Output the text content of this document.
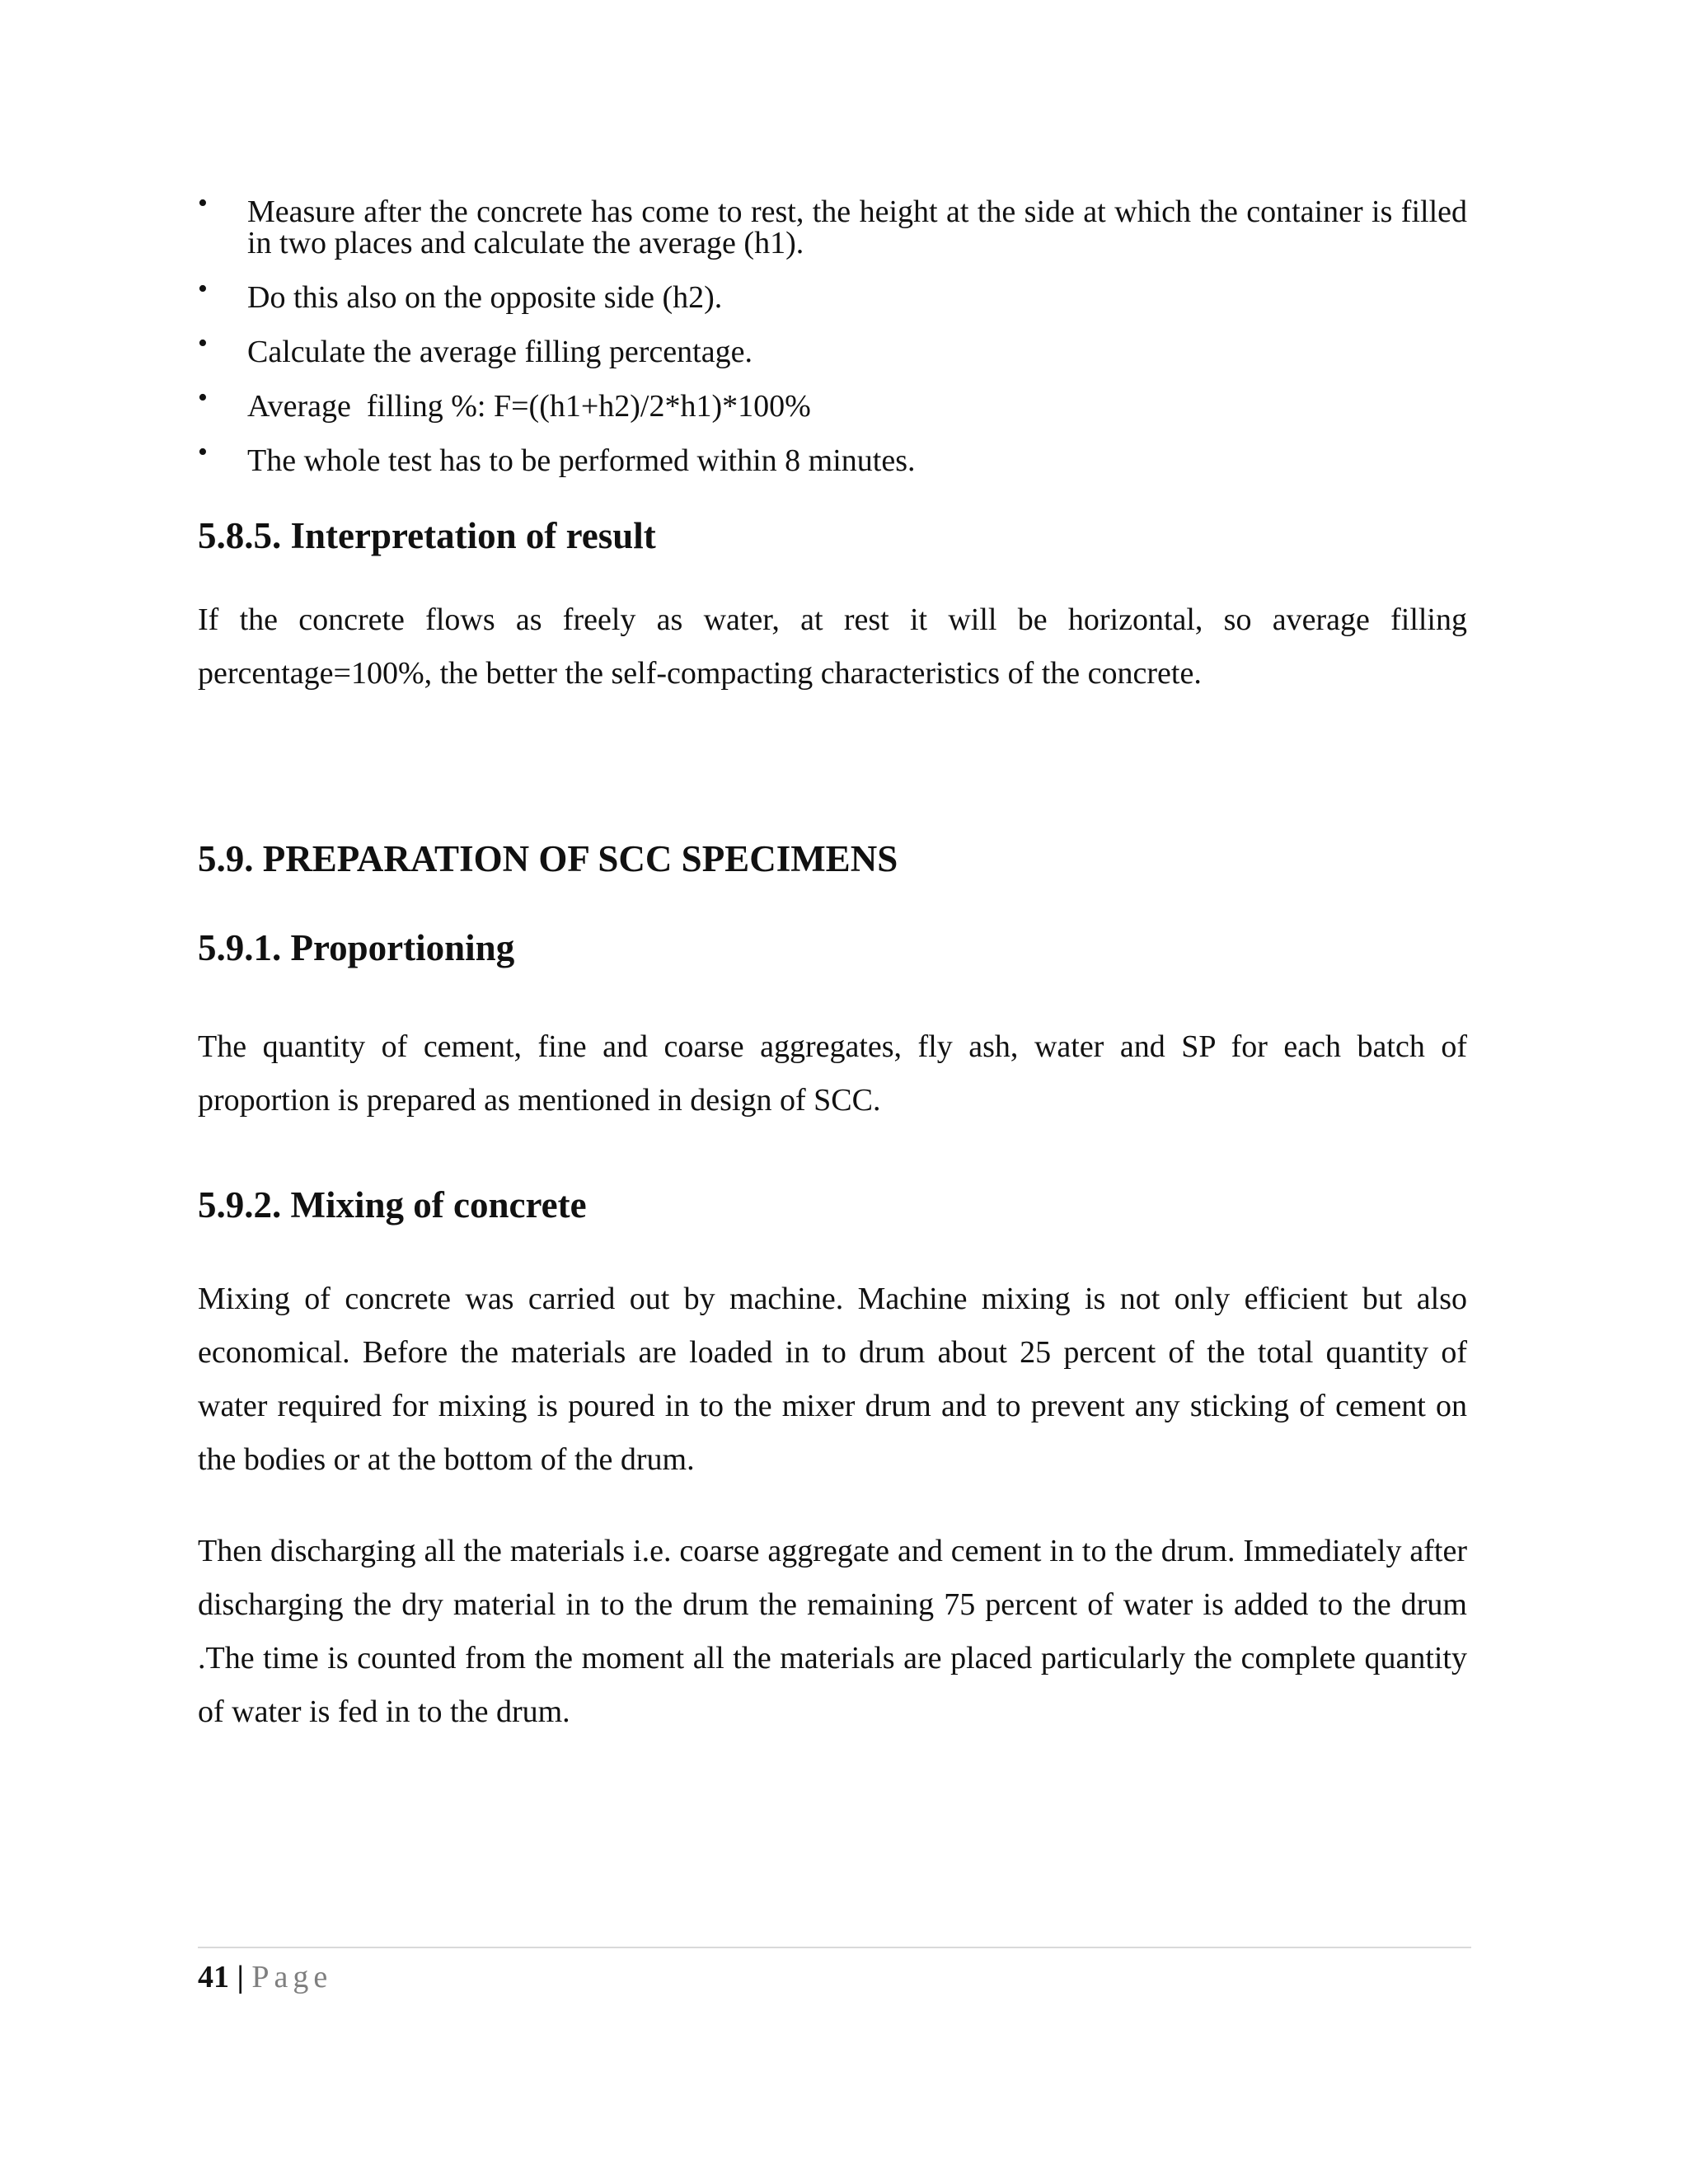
• Measure after the concrete has come to rest, the height at the side at which the container is filled in two places and calculate the average (h1).
• Do this also on the opposite side (h2).
• Calculate the average filling percentage.
• Average  filling %: F=((h1+h2)/2*h1)*100%
• The whole test has to be performed within 8 minutes.
5.8.5. Interpretation of result

If the concrete flows as freely as water, at rest it will be horizontal, so average filling percentage=100%, the better the self-compacting characteristics of the concrete.

5.9. PREPARATION OF SCC SPECIMENS
5.9.1. Proportioning

The quantity of cement, fine and coarse aggregates, fly ash, water and SP for each batch of proportion is prepared as mentioned in design of SCC.

5.9.2. Mixing of concrete

Mixing of concrete was carried out by machine. Machine mixing is not only efficient but also economical. Before the materials are loaded in to drum about 25 percent of the total quantity of water required for mixing is poured in to the mixer drum and to prevent any sticking of cement on the bodies or at the bottom of the drum.

Then discharging all the materials i.e. coarse aggregate and cement in to the drum. Immediately after discharging the dry material in to the drum the remaining 75 percent of water is added to the drum .The time is counted from the moment all the materials are placed particularly the complete quantity of water is fed in to the drum.

41 | Page
